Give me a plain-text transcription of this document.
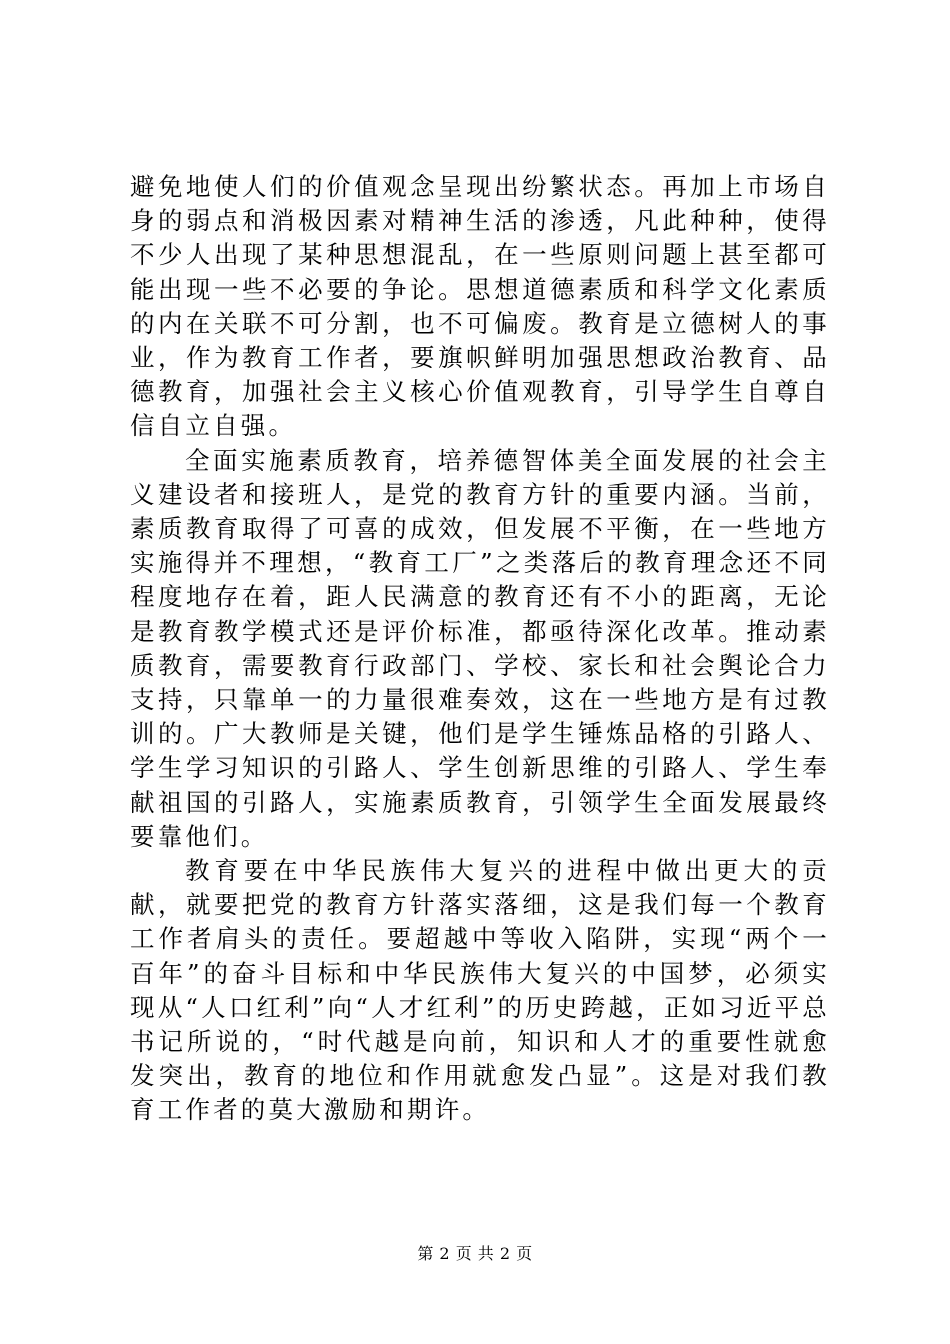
避免地使人们的价值观念呈现出纷繁状态。再加上市场自身的弱点和消极因素对精神生活的渗透，凡此种种，使得不少人出现了某种思想混乱，在一些原则问题上甚至都可能出现一些不必要的争论。思想道德素质和科学文化素质的内在关联不可分割，也不可偏废。教育是立德树人的事业，作为教育工作者，要旗帜鲜明加强思想政治教育、品德教育，加强社会主义核心价值观教育，引导学生自尊自信自立自强。

全面实施素质教育，培养德智体美全面发展的社会主义建设者和接班人，是党的教育方针的重要内涵。当前，素质教育取得了可喜的成效，但发展不平衡，在一些地方实施得并不理想，“教育工厂”之类落后的教育理念还不同程度地存在着，距人民满意的教育还有不小的距离，无论是教育教学模式还是评价标准，都亟待深化改革。推动素质教育，需要教育行政部门、学校、家长和社会舆论合力支持，只靠单一的力量很难奏效，这在一些地方是有过教训的。广大教师是关键，他们是学生锤炼品格的引路人、学生学习知识的引路人、学生创新思维的引路人、学生奉献祖国的引路人，实施素质教育，引领学生全面发展最终要靠他们。

教育要在中华民族伟大复兴的进程中做出更大的贡献，就要把党的教育方针落实落细，这是我们每一个教育工作者肩头的责任。要超越中等收入陷阱，实现“两个一百年”的奋斗目标和中华民族伟大复兴的中国梦，必须实现从“人口红利”向“人才红利”的历史跨越，正如习近平总书记所说的，“时代越是向前，知识和人才的重要性就愈发突出，教育的地位和作用就愈发凸显”。这是对我们教育工作者的莫大激励和期许。

第 2 页 共 2 页
